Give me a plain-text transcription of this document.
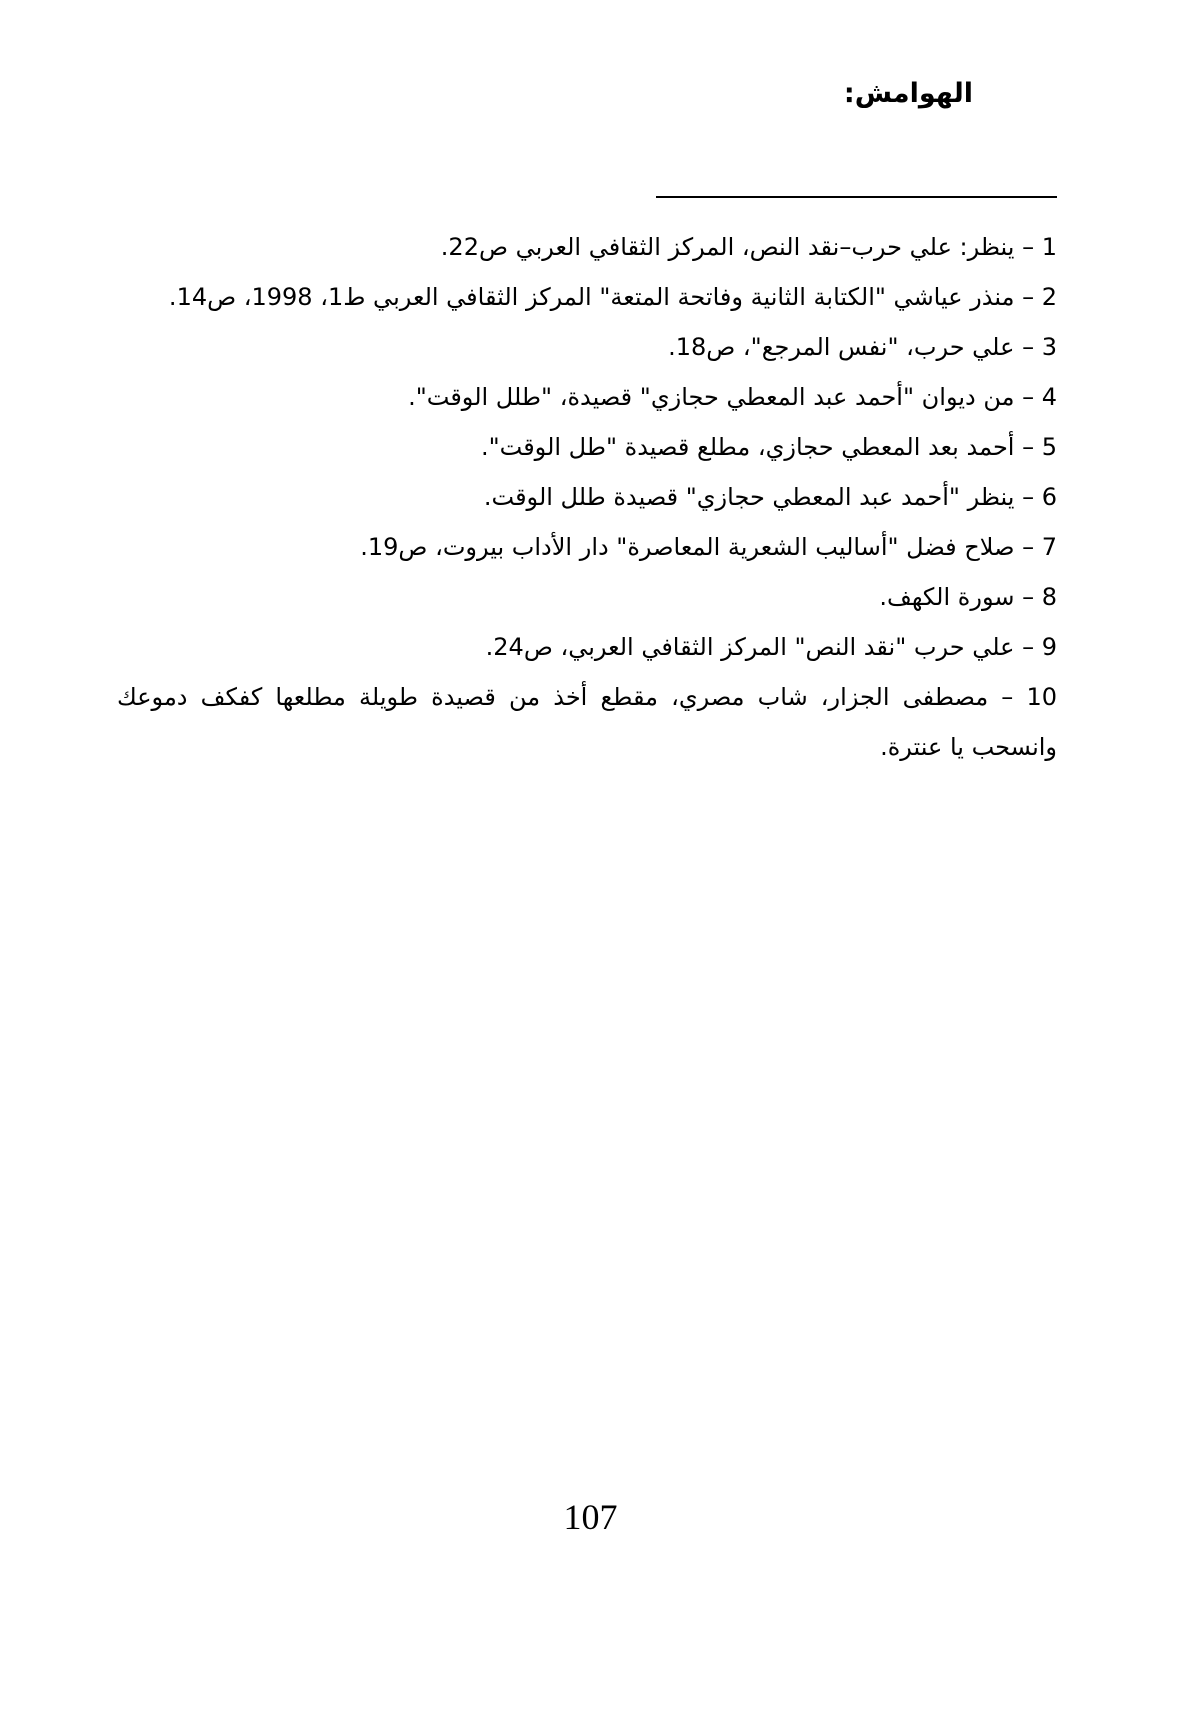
الهوامش:
1 – ينظر: علي حرب–نقد النص، المركز الثقافي العربي ص22.
2 – منذر عياشي "الكتابة الثانية وفاتحة المتعة" المركز الثقافي العربي ط1، 1998، ص14.
3 – علي حرب، "نفس المرجع"، ص18.
4 – من ديوان "أحمد عبد المعطي حجازي" قصيدة، "طلل الوقت".
5 – أحمد بعد المعطي حجازي، مطلع قصيدة "طل الوقت".
6 – ينظر "أحمد عبد المعطي حجازي" قصيدة طلل الوقت.
7 – صلاح فضل "أساليب الشعرية المعاصرة" دار الأداب بيروت، ص19.
8 – سورة الكهف.
9 – علي حرب "نقد النص" المركز الثقافي العربي، ص24.
10 – مصطفى الجزار، شاب مصري، مقطع أخذ من قصيدة طويلة مطلعها كفكف دموعك وانسحب يا عنترة.
107
